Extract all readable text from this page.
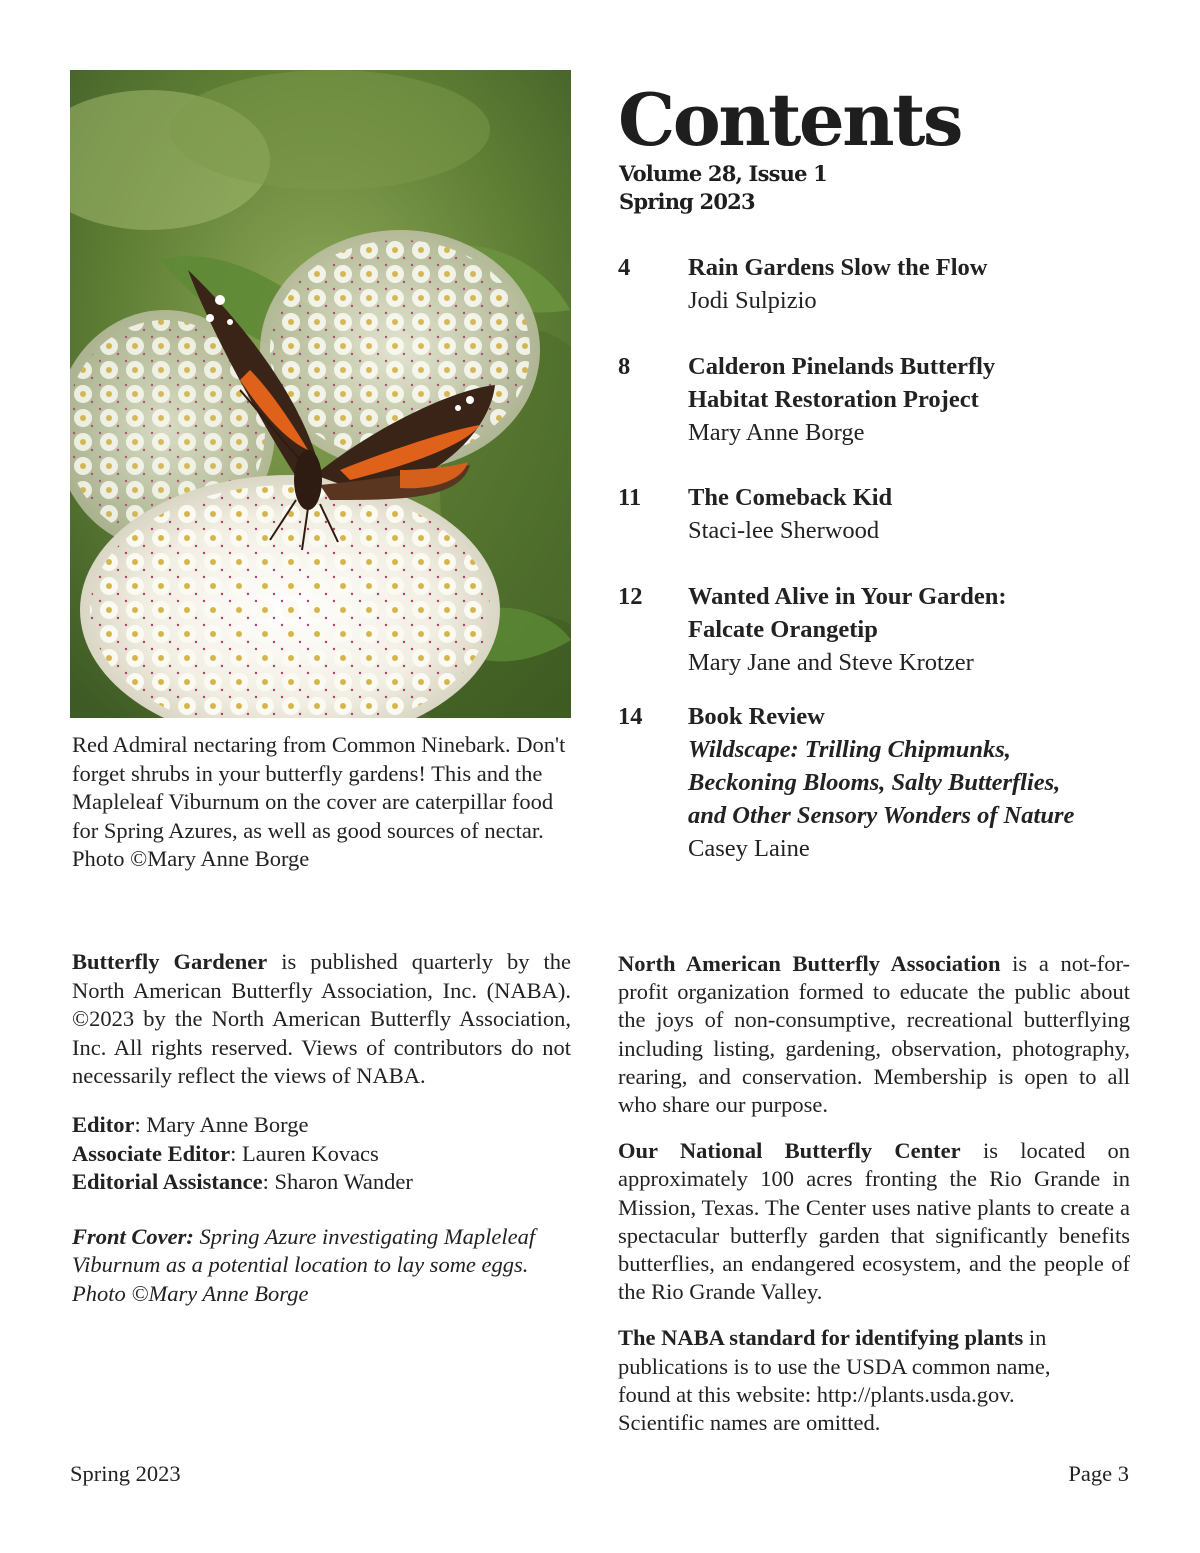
Red Admiral nectaring from Common Ninebark. Don't forget shrubs in your butterfly gardens! This and the Mapleleaf Viburnum on the cover are caterpillar food for Spring Azures, as well as good sources of nectar. Photo ©Mary Anne Borge

Contents
Volume 28, Issue 1
Spring 2023
4 Rain Gardens Slow the Flow
Jodi Sulpizio
8 Calderon Pinelands Butterfly
Habitat Restoration Project
Mary Anne Borge
11 The Comeback Kid
Staci-lee Sherwood
12 Wanted Alive in Your Garden:
Falcate Orangetip
Mary Jane and Steve Krotzer
14 Book Review
Wildscape: Trilling Chipmunks,
Beckoning Blooms, Salty Butterflies,
and Other Sensory Wonders of Nature
Casey Laine

Butterfly Gardener is published quarterly by the North American Butterfly Association, Inc. (NABA). ©2023 by the North American Butterfly Association, Inc. All rights reserved. Views of contributors do not necessarily reflect the views of NABA.

Editor: Mary Anne Borge
Associate Editor: Lauren Kovacs
Editorial Assistance: Sharon Wander
Front Cover: Spring Azure investigating Mapleleaf Viburnum as a potential location to lay some eggs. Photo ©Mary Anne Borge

North American Butterfly Association is a not-for-profit organization formed to educate the public about the joys of non-consumptive, recreational butterflying including listing, gardening, observation, photography, rearing, and conservation. Membership is open to all who share our purpose.

Our National Butterfly Center is located on approximately 100 acres fronting the Rio Grande in Mission, Texas. The Center uses native plants to create a spectacular butterfly garden that significantly benefits butterflies, an endangered ecosystem, and the people of the Rio Grande Valley.

The NABA standard for identifying plants in
publications is to use the USDA common name,
found at this website: http://plants.usda.gov.
Scientific names are omitted.

Spring 2023	Page 3
